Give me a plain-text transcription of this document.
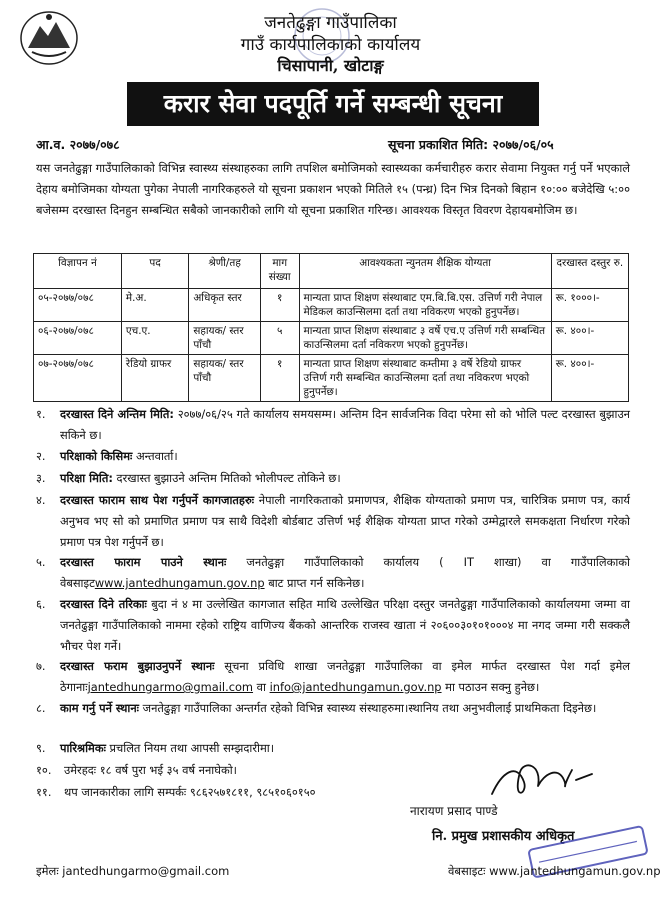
जनतेढुङ्गा गाउँपालिका
गाउँ कार्यपालिकाको कार्यालय
चिसापानी, खोटाङ्ग
करार सेवा पदपूर्ति गर्ने सम्बन्धी सूचना
आ.व. २०७७/०७८	सूचना प्रकाशित मिति: २०७७/०६/०५
यस जनतेढुङ्गा गाउँपालिकाको विभिन्न स्वास्थ्य संस्थाहरुका लागि तपशिल बमोजिमको स्वास्थ्यका कर्मचारीहरु करार सेवामा नियुक्त गर्नु पर्ने भएकाले देहाय बमोजिमका योग्यता पुगेका नेपाली नागरिकहरुले यो सूचना प्रकाशन भएको मितिले १५ (पन्ध्र) दिन भित्र दिनको बिहान १०:०० बजेदेखि ५:०० बजेसम्म दरखास्त दिनहुन सम्बन्धित सबैको जानकारीको लागि यो सूचना प्रकाशित गरिन्छ। आवश्यक विस्तृत विवरण देहायबमोजिम छ।
विज्ञापन नं	पद	श्रेणी/तह	माग संख्या	आवश्यकता न्युनतम शैक्षिक योग्यता	दरखास्त दस्तुर रु.
०५-२०७७/०७८	मे.अ.	अधिकृत स्तर	१	मान्यता प्राप्त शिक्षण संस्थाबाट एम.बि.बि.एस. उत्तिर्ण गरी नेपाल मेडिकल काउन्सिलमा दर्ता तथा नविकरण भएको हुनुपर्नेछ।	रू. १०००।-
०६-२०७७/०७८	एच.ए.	सहायक/ स्तर पाँचौ	५	मान्यता प्राप्त शिक्षण संस्थाबाट ३ वर्षे एच.ए उत्तिर्ण गरी सम्बन्धित काउन्सिलमा दर्ता नविकरण भएको हुनुपर्नेछ।	रू. ४००।-
०७-२०७७/०७८	रेडियो ग्राफर	सहायक/ स्तर पाँचौ	१	मान्यता प्राप्त शिक्षण संस्थाबाट कम्तीमा ३ वर्षे रेडियो ग्राफर उत्तिर्ण गरी सम्बन्धित काउन्सिलमा दर्ता तथा नविकरण भएको हुनुपर्नेछ।	रू. ४००।-
१. दरखास्त दिने अन्तिम मिति: २०७७/०६/२५ गते कार्यालय समयसम्म। अन्तिम दिन सार्वजनिक विदा परेमा सो को भोलि पल्ट दरखास्त बुझाउन सकिने छ।
२. परिक्षाको किसिमः अन्तवार्ता।
३. परिक्षा मिति: दरखास्त बुझाउने अन्तिम मितिको भोलीपल्ट तोकिने छ।
४. दरखास्त फाराम साथ पेश गर्नुपर्ने कागजातहरुः नेपाली नागरिकताको प्रमाणपत्र, शैक्षिक योग्यताको प्रमाण पत्र, चारित्रिक प्रमाण पत्र, कार्य अनुभव भए सो को प्रमाणित प्रमाण पत्र साथै विदेशी बोर्डबाट उत्तिर्ण भई शैक्षिक योग्यता प्राप्त गरेको उम्मेद्वारले समकक्षता निर्धारण गरेको प्रमाण पत्र पेश गर्नुपर्ने छ।
५. दरखास्त फाराम पाउने स्थानः जनतेढुङ्गा गाउँपालिकाको कार्यालय ( IT शाखा) वा गाउँपालिकाको वेबसाइटwww.jantedhungamun.gov.np बाट प्राप्त गर्न सकिनेछ।
६. दरखास्त दिने तरिकाः बुदा नं ४ मा उल्लेखित कागजात सहित माथि उल्लेखित परिक्षा दस्तुर जनतेढुङ्गा गाउँपालिकाको कार्यालयमा जम्मा वा जनतेढुङ्गा गाउँपालिकाको नाममा रहेको राष्ट्रिय वाणिज्य बैंकको आन्तरिक राजस्व खाता नं २०६००३०१०१०००४ मा नगद जम्मा गरी सक्कलै भौचर पेश गर्ने।
७. दरखास्त फराम बुझाउनुपर्ने स्थानः सूचना प्रविधि शाखा जनतेढुङ्गा गाउँपालिका वा इमेल मार्फत दरखास्त पेश गर्दा इमेल ठेगानाःjantedhungarmo@gmail.com वा info@jantedhungamun.gov.np मा पठाउन सक्नु हुनेछ।
८. काम गर्नु पर्ने स्थानः जनतेढुङ्गा गाउँपालिका अन्तर्गत रहेको विभिन्न स्वास्थ्य संस्थाहरुमा।स्थानिय तथा अनुभवीलाई प्राथमिकता दिइनेछ।
९. पारिश्रमिकः प्रचलित नियम तथा आपसी सम्झदारीमा।
१०. उमेरहदः १८ वर्ष पुरा भई ३५ वर्ष ननाघेको।
११. थप जानकारीका लागि सम्पर्कः ९८६२५७१८११, ९८५१०६०१५०
नारायण प्रसाद पाण्डे
नि. प्रमुख प्रशासकीय अधिकृत
इमेलः jantedhungarmo@gmail.com	वेबसाइटः www.jantedhungamun.gov.np
